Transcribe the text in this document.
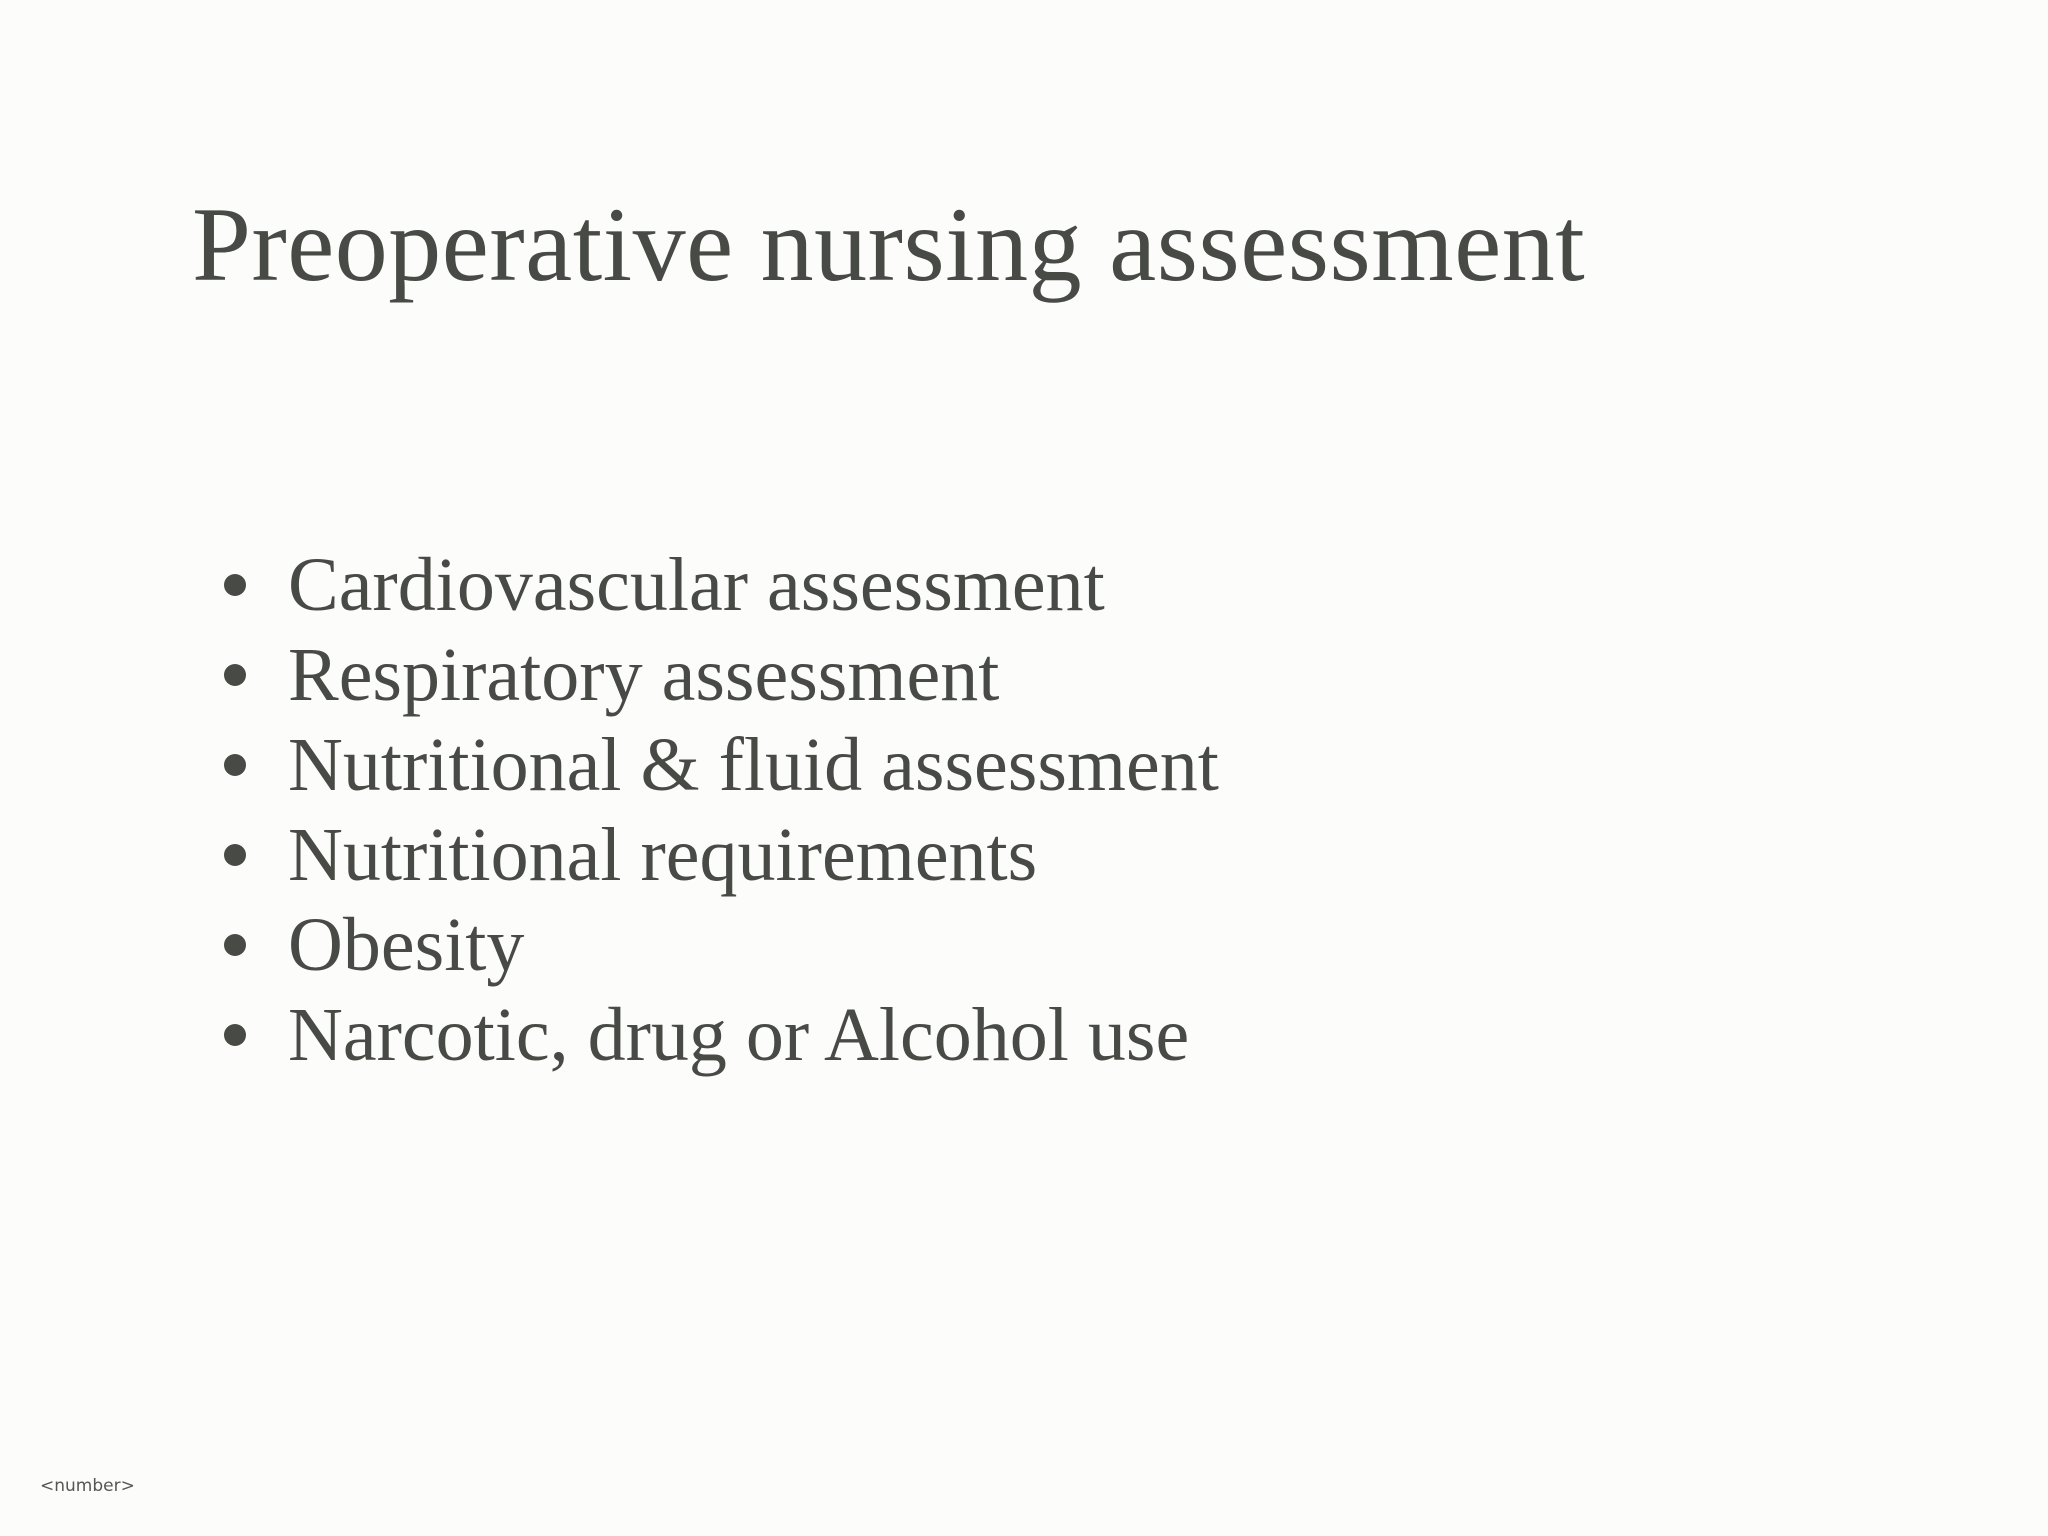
Preoperative nursing assessment
Cardiovascular assessment
Respiratory assessment
Nutritional & fluid assessment
Nutritional requirements
Obesity
Narcotic, drug or Alcohol use
<number>
